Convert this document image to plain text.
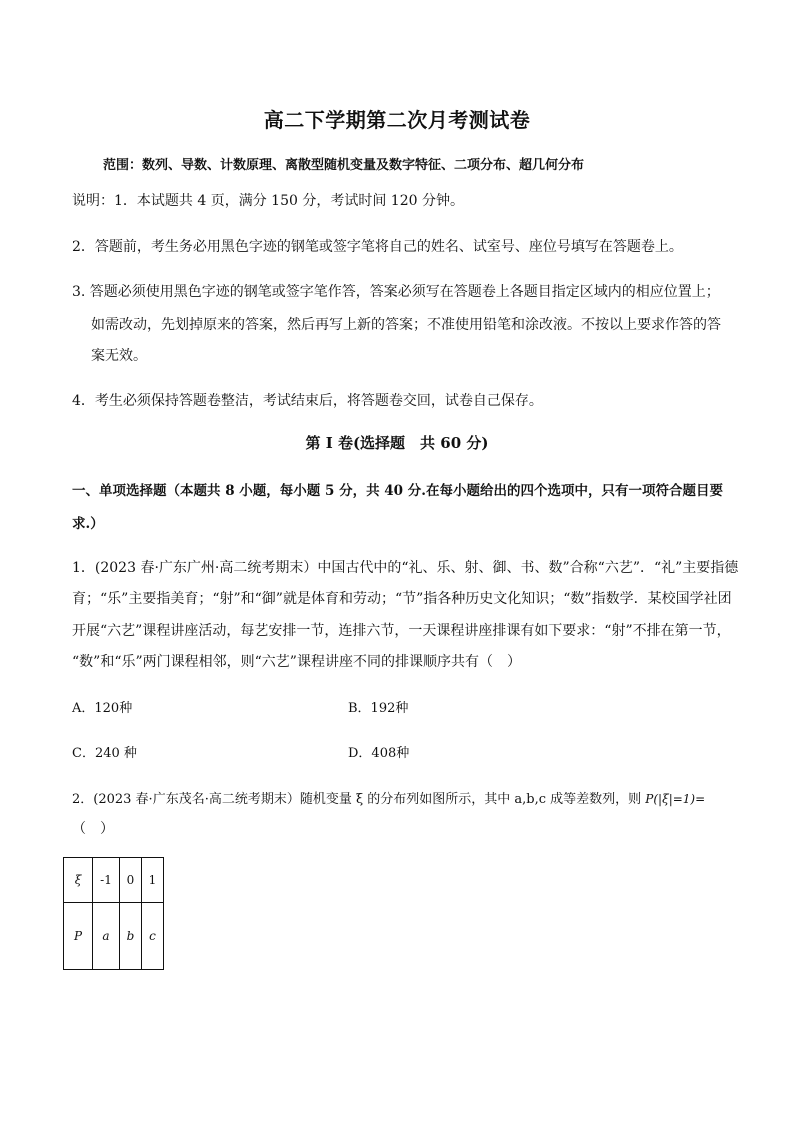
高二下学期第二次月考测试卷
范围：数列、导数、计数原理、离散型随机变量及数字特征、二项分布、超几何分布
说明：1．本试题共 4 页，满分 150 分，考试时间 120 分钟。
2．答题前，考生务必用黑色字迹的钢笔或签字笔将自己的姓名、试室号、座位号填写在答题卷上。
3. 答题必须使用黑色字迹的钢笔或签字笔作答，答案必须写在答题卷上各题目指定区域内的相应位置上；
如需改动，先划掉原来的答案，然后再写上新的答案；不准使用铅笔和涂改液。不按以上要求作答的答
案无效。
4．考生必须保持答题卷整洁，考试结束后，将答题卷交回，试卷自己保存。
第 I 卷(选择题　共 60 分)
一、单项选择题（本题共 8 小题，每小题 5 分，共 40 分.在每小题给出的四个选项中，只有一项符合题目要
求.）
1．(2023 春·广东广州·高二统考期末）中国古代中的“礼、乐、射、御、书、数”合称“六艺”．“礼”主要指德
育；“乐”主要指美育；“射”和“御”就是体育和劳动；“节”指各种历史文化知识；“数”指数学．某校国学社团
开展“六艺”课程讲座活动，每艺安排一节，连排六节，一天课程讲座排课有如下要求：“射”不排在第一节，
“数”和“乐”两门课程相邻，则“六艺”课程讲座不同的排课顺序共有（　）
A．120种	B．192种
C．240 种	D．408种
2．(2023 春·广东茂名·高二统考期末）随机变量 ξ 的分布列如图所示，其中 a,b,c 成等差数列，则 P(|ξ|=1)=
（　）
ξ	-1	0	1
P	a	b	c
